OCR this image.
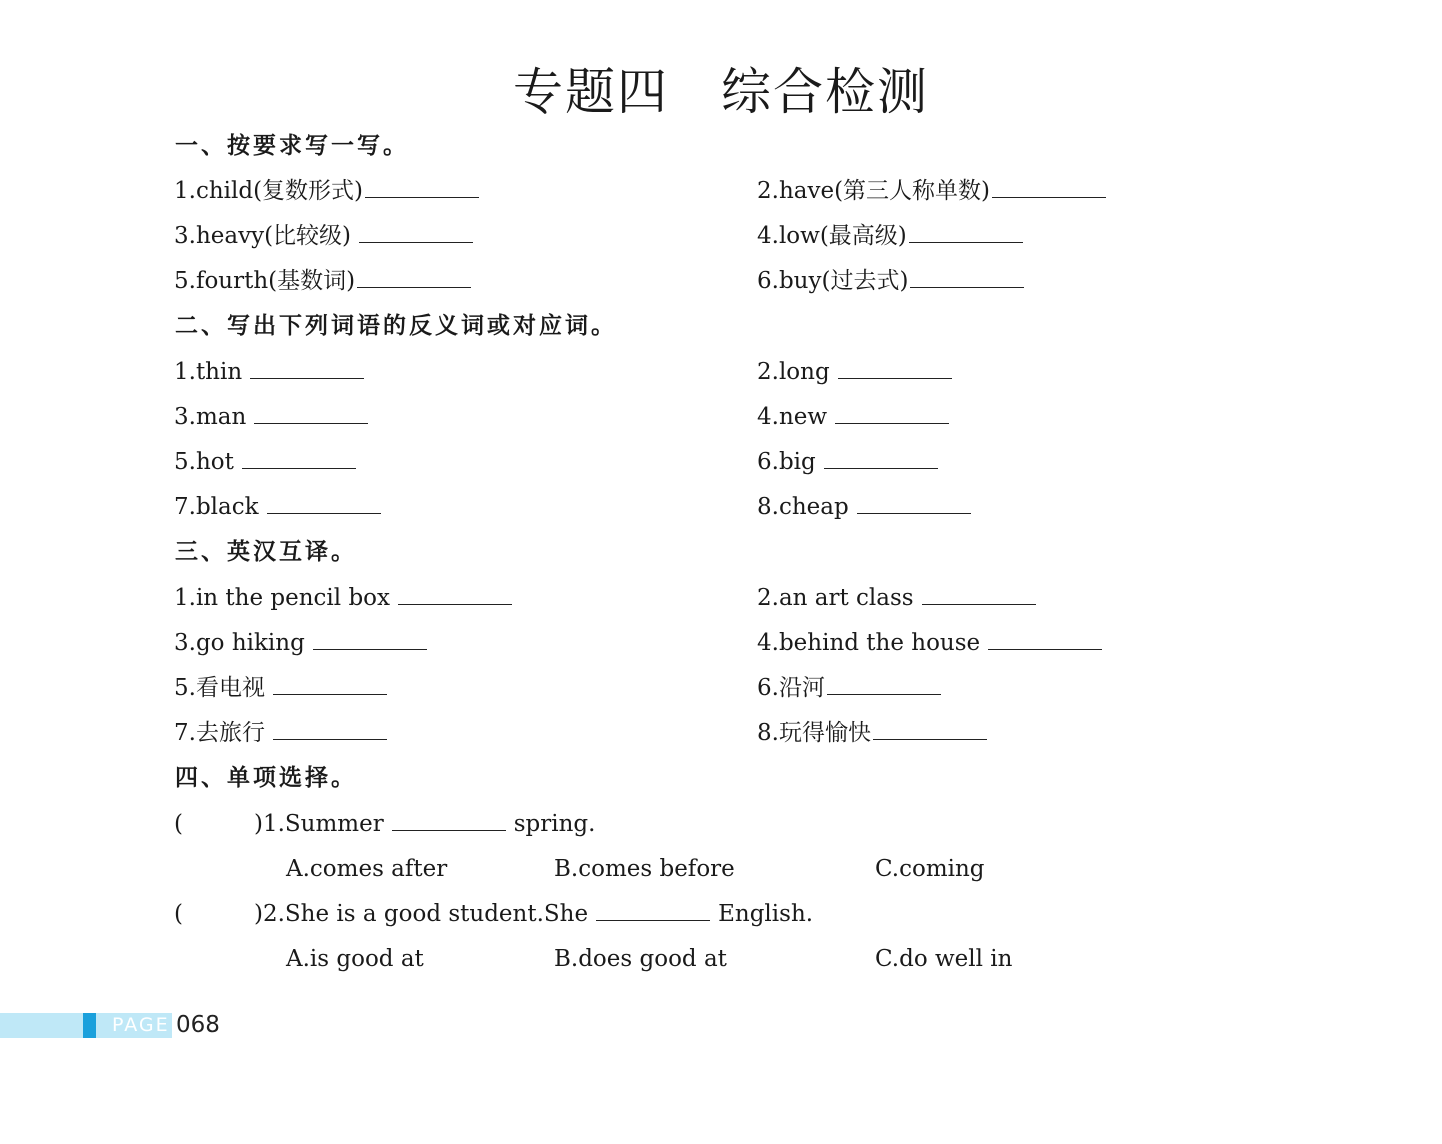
专题四　综合检测
一、按要求写一写。
1.child(复数形式)	2.have(第三人称单数)
3.heavy(比较级)	4.low(最高级)
5.fourth(基数词)	6.buy(过去式)
二、写出下列词语的反义词或对应词。
1.thin	2.long
3.man	4.new
5.hot	6.big
7.black	8.cheap
三、英汉互译。
1.in the pencil box	2.an art class
3.go hiking	4.behind the house
5.看电视	6.沿河
7.去旅行	8.玩得愉快
四、单项选择。
(	)1.Summer	spring.
A.comes after	B.comes before	C.coming
(	)2.She is a good student.She	English.
A.is good at	B.does good at	C.do well in
PAGE 068
